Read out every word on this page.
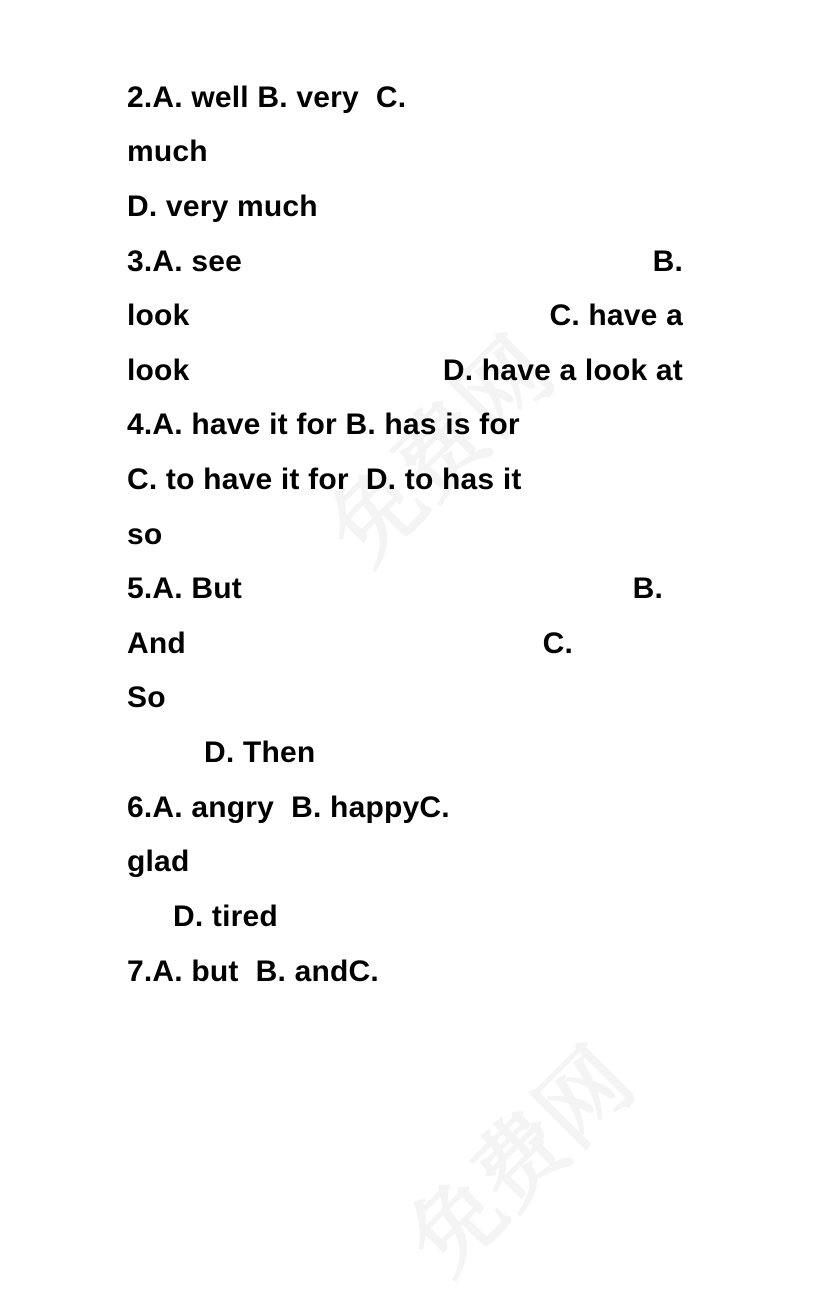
2.A. well B. very  C.
much
D. very much
3.A. see	B.
look	C. have a
look	D. have a look at
4.A. have it for B. has is for
C. to have it for  D. to has it
so
5.A. But	B.
And	C.
So
D. Then
6.A. angry  B. happyC.
glad
D. tired
7.A. but  B. andC.
